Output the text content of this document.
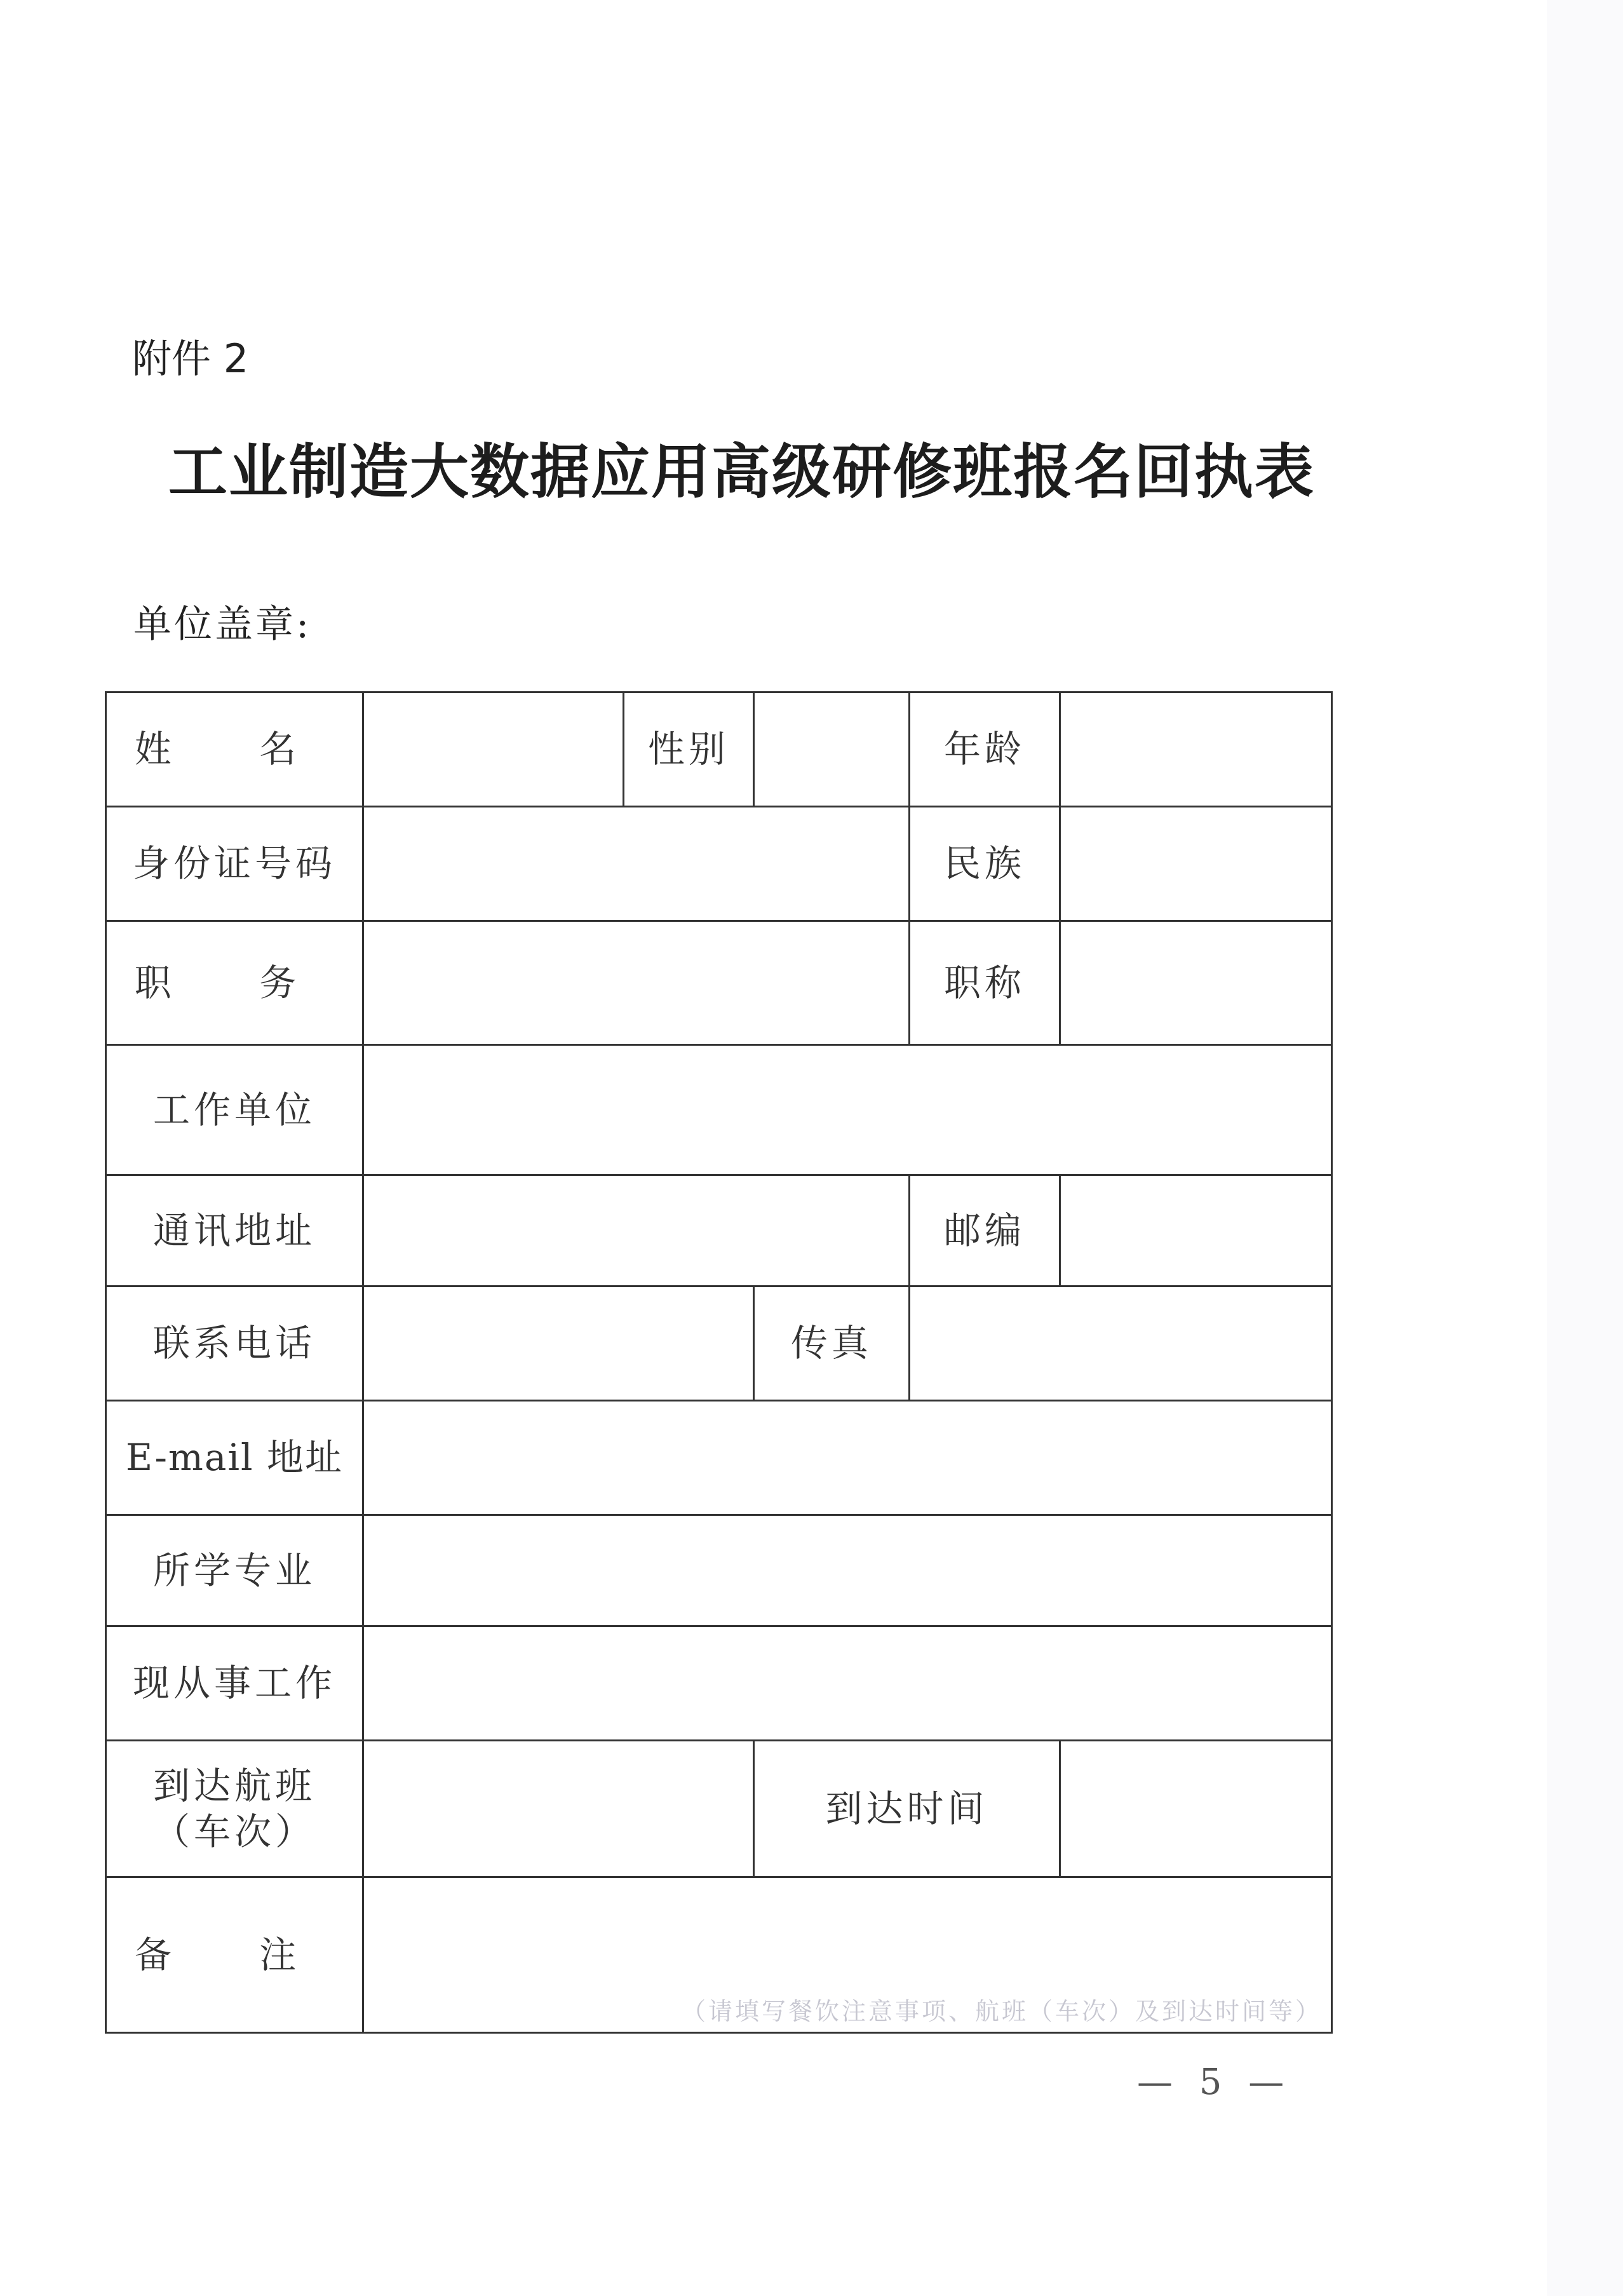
附件 2
工业制造大数据应用高级研修班报名回执表
单位盖章:
姓 名		性别		年龄	
身份证号码				民族	
职 务				职称	
工作单位					
通讯地址				邮编	
联系电话			传真		
E-mail 地址					
所学专业					
现从事工作					

到达航班
（车次）			到达时间		
备 注	（请填写餐饮注意事项、航班（车次）及到达时间等）				
— 5 —
